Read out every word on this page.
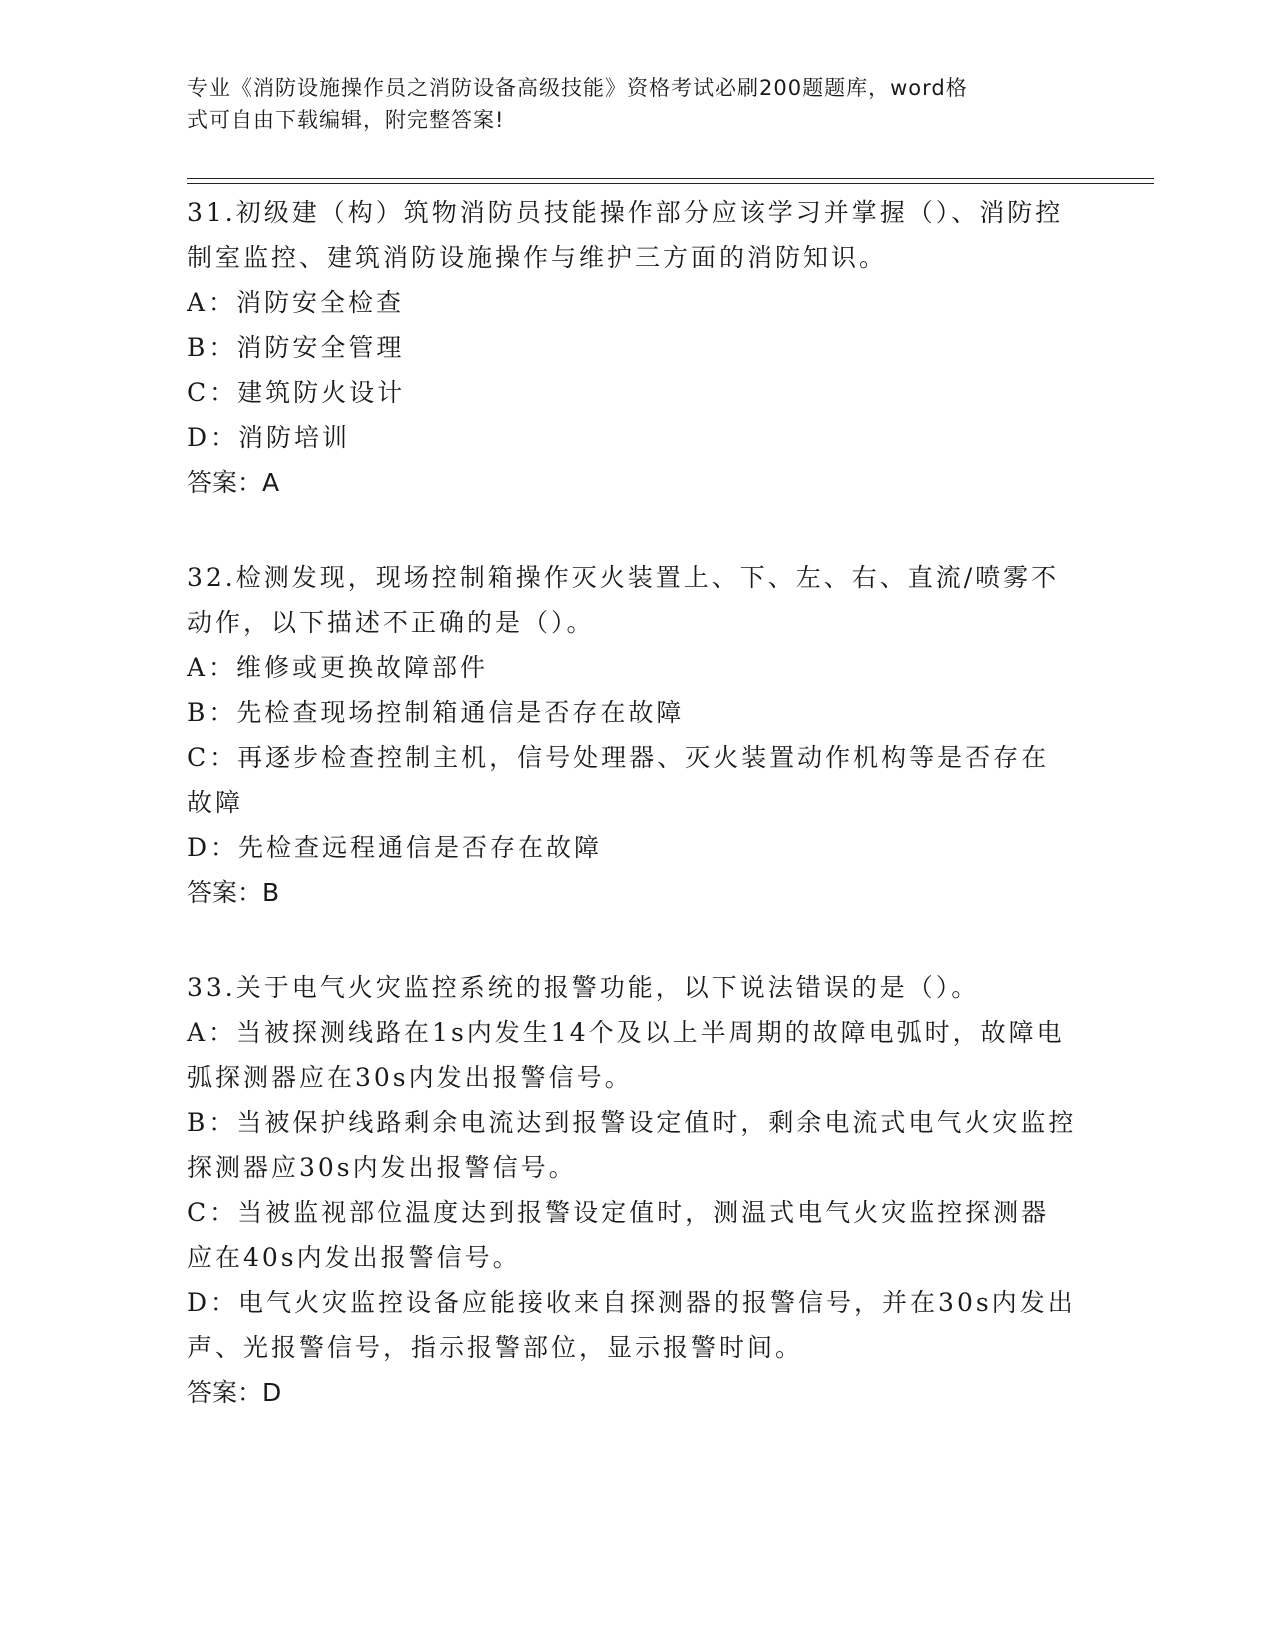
专业《消防设施操作员之消防设备高级技能》资格考试必刷200题题库，word格
式可自由下载编辑，附完整答案!

31.初级建（构）筑物消防员技能操作部分应该学习并掌握（）、消防控制室监控、建筑消防设施操作与维护三方面的消防知识。

A：消防安全检查

B：消防安全管理

C：建筑防火设计

D：消防培训

答案：A

32.检测发现，现场控制箱操作灭火装置上、下、左、右、直流/喷雾不动作，以下描述不正确的是（）。

A：维修或更换故障部件

B：先检查现场控制箱通信是否存在故障

C：再逐步检查控制主机，信号处理器、灭火装置动作机构等是否存在故障

D：先检查远程通信是否存在故障

答案：B

33.关于电气火灾监控系统的报警功能，以下说法错误的是（）。

A：当被探测线路在1s内发生14个及以上半周期的故障电弧时，故障电弧探测器应在30s内发出报警信号。

B：当被保护线路剩余电流达到报警设定值时，剩余电流式电气火灾监控探测器应30s内发出报警信号。

C：当被监视部位温度达到报警设定值时，测温式电气火灾监控探测器应在40s内发出报警信号。

D：电气火灾监控设备应能接收来自探测器的报警信号，并在30s内发出声、光报警信号，指示报警部位，显示报警时间。

答案：D
